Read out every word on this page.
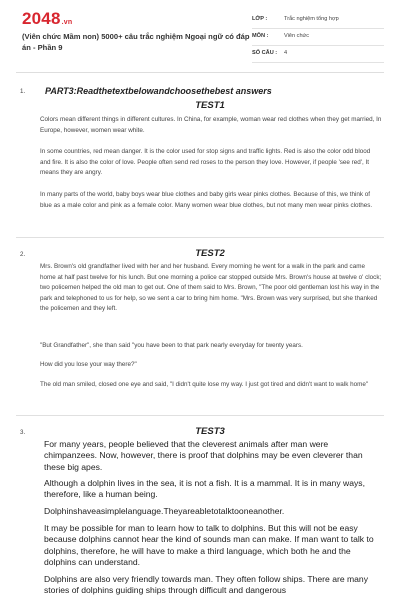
2048.vn
(Viên chức Mầm non) 5000+ câu trắc nghiệm Ngoại ngữ có đáp án - Phần 9
LỚP :	Trắc nghiệm tổng hợp
MÔN :	Viên chức
SỐ CÂU : 4
1. PART3:Readthetextbelowandchoosethebest answers
TEST1
Colors mean different things in different cultures. In China, for example, woman wear red clothes when they get married, In Europe, however, women wear white.
In some countries, red mean danger. It is the color used for stop signs and traffic lights. Red is also the color odd blood and fire. It is also the color of love. People often send red roses to the person they love. However, if people 'see red', It means they are angry.
In many parts of the world, baby boys wear blue clothes and baby girls wear pinks clothes. Because of this, we think of blue as a male color and pink as a female color. Many women wear blue clothes, but not many men wear pinks clothes.
2.	TEST2
Mrs. Brown's old grandfather lived with her and her husband. Every morning he went for a walk in the park and came home at half past twelve for his lunch. But one morning a police car stopped outside Mrs. Brown's house at twelve o' clock; two policemen helped the old man to get out. One of them said to Mrs. Brown, "The poor old gentleman lost his way in the park and telephoned to us for help, so we sent a car to bring him home. "Mrs. Brown was very surprised, but she thanked the policemen and they left.
"But Grandfather", she than said "you have been to that park nearly everyday for twenty years.
How did you lose your way there?"
The old man smiled, closed one eye and said, "I didn't quite lose my way. I just got tired and didn't want to walk home"
3.	TEST3
For many years, people believed that the cleverest animals after man were chimpanzees. Now, however, there is proof that dolphins may be even cleverer than these big apes.
Although a dolphin lives in the sea, it is not a fish. It is a mammal. It is in many ways, therefore, like a human being.
Dolphinshaveasimplelanguage.Theyareabletotalktooneanother.
It may be possible for man to learn how to talk to dolphins. But this will not be easy because dolphins cannot hear the kind of sounds man can make. If man want to talk to dolphins, therefore, he will have to make a third language, which both he and the dolphins can understand.
Dolphins are also very friendly towards man. They often follow ships. There are many stories of dolphins guiding ships through difficult and dangerous
